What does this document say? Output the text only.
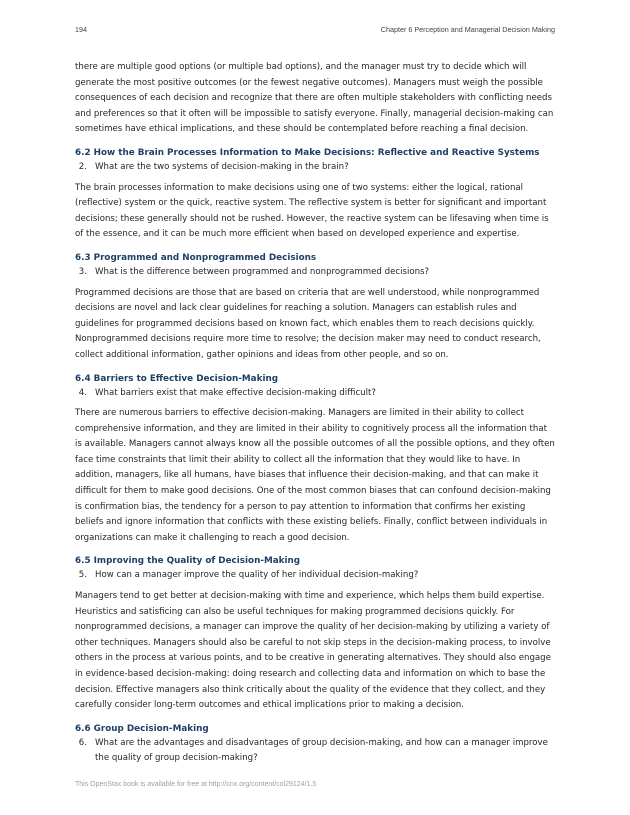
194	Chapter 6 Perception and Managerial Decision Making

there are multiple good options (or multiple bad options), and the manager must try to decide which will generate the most positive outcomes (or the fewest negative outcomes). Managers must weigh the possible consequences of each decision and recognize that there are often multiple stakeholders with conflicting needs and preferences so that it often will be impossible to satisfy everyone. Finally, managerial decision-making can sometimes have ethical implications, and these should be contemplated before reaching a final decision.

6.2 How the Brain Processes Information to Make Decisions: Reflective and Reactive Systems
2. What are the two systems of decision-making in the brain?

The brain processes information to make decisions using one of two systems: either the logical, rational (reflective) system or the quick, reactive system. The reflective system is better for significant and important decisions; these generally should not be rushed. However, the reactive system can be lifesaving when time is of the essence, and it can be much more efficient when based on developed experience and expertise.

6.3 Programmed and Nonprogrammed Decisions
3. What is the difference between programmed and nonprogrammed decisions?

Programmed decisions are those that are based on criteria that are well understood, while nonprogrammed decisions are novel and lack clear guidelines for reaching a solution. Managers can establish rules and guidelines for programmed decisions based on known fact, which enables them to reach decisions quickly. Nonprogrammed decisions require more time to resolve; the decision maker may need to conduct research, collect additional information, gather opinions and ideas from other people, and so on.

6.4 Barriers to Effective Decision-Making
4. What barriers exist that make effective decision-making difficult?

There are numerous barriers to effective decision-making. Managers are limited in their ability to collect comprehensive information, and they are limited in their ability to cognitively process all the information that is available. Managers cannot always know all the possible outcomes of all the possible options, and they often face time constraints that limit their ability to collect all the information that they would like to have. In addition, managers, like all humans, have biases that influence their decision-making, and that can make it difficult for them to make good decisions. One of the most common biases that can confound decision-making is confirmation bias, the tendency for a person to pay attention to information that confirms her existing beliefs and ignore information that conflicts with these existing beliefs. Finally, conflict between individuals in organizations can make it challenging to reach a good decision.

6.5 Improving the Quality of Decision-Making
5. How can a manager improve the quality of her individual decision-making?

Managers tend to get better at decision-making with time and experience, which helps them build expertise. Heuristics and satisficing can also be useful techniques for making programmed decisions quickly. For nonprogrammed decisions, a manager can improve the quality of her decision-making by utilizing a variety of other techniques. Managers should also be careful to not skip steps in the decision-making process, to involve others in the process at various points, and to be creative in generating alternatives. They should also engage in evidence-based decision-making: doing research and collecting data and information on which to base the decision. Effective managers also think critically about the quality of the evidence that they collect, and they carefully consider long-term outcomes and ethical implications prior to making a decision.

6.6 Group Decision-Making
6. What are the advantages and disadvantages of group decision-making, and how can a manager improve the quality of group decision-making?
This OpenStax book is available for free at http://cnx.org/content/col29124/1.5
